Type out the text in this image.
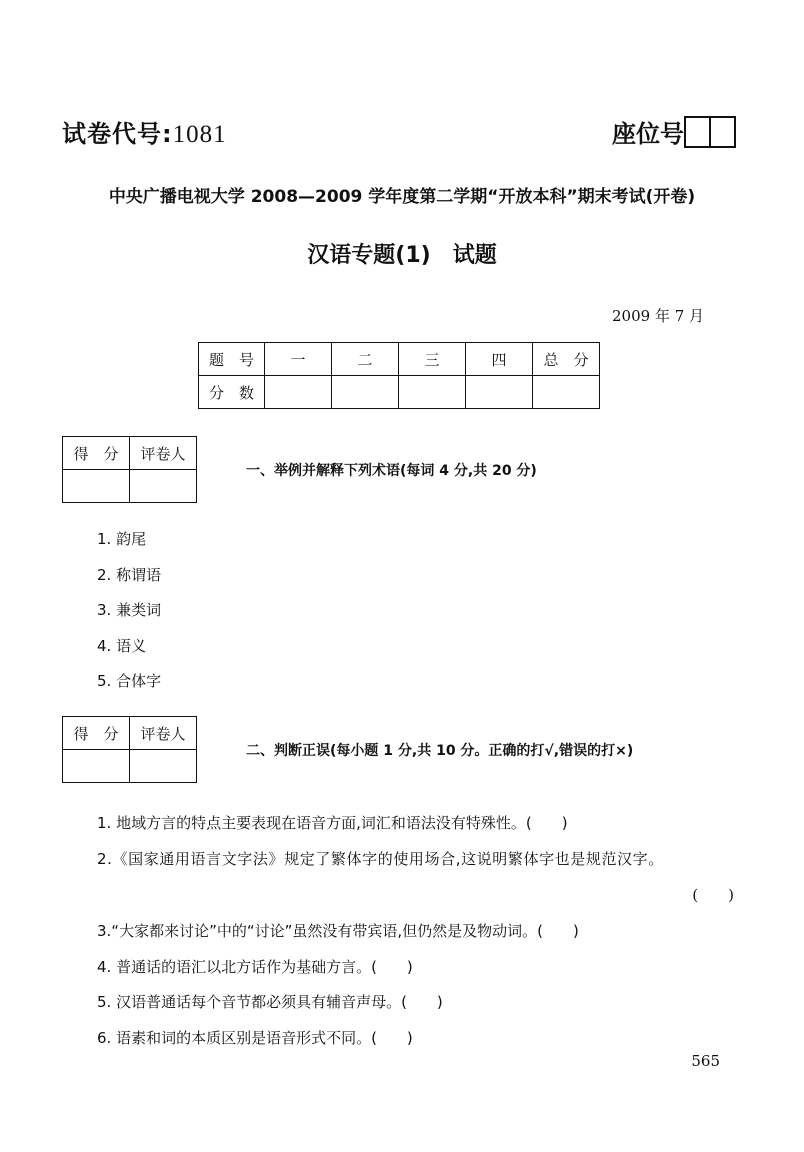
试卷代号:1081	座位号
中央广播电视大学 2008—2009 学年度第二学期“开放本科”期末考试(开卷)
汉语专题(1)　试题
2009 年 7 月
题　号	一	二	三	四	总　分
分　数					
得　分	评卷人

一、举例并解释下列术语(每词 4 分,共 20 分)
1. 韵尾
2. 称谓语
3. 兼类词
4. 语义
5. 合体字
得　分	评卷人

二、判断正误(每小题 1 分,共 10 分。正确的打√,错误的打×)
1. 地域方言的特点主要表现在语音方面,词汇和语法没有特殊性。(　　)
2.《国家通用语言文字法》规定了繁体字的使用场合,这说明繁体字也是规范汉字。
(　　)
3.“大家都来讨论”中的“讨论”虽然没有带宾语,但仍然是及物动词。(　　)
4. 普通话的语汇以北方话作为基础方言。(　　)
5. 汉语普通话每个音节都必须具有辅音声母。(　　)
6. 语素和词的本质区别是语音形式不同。(　　)
565
